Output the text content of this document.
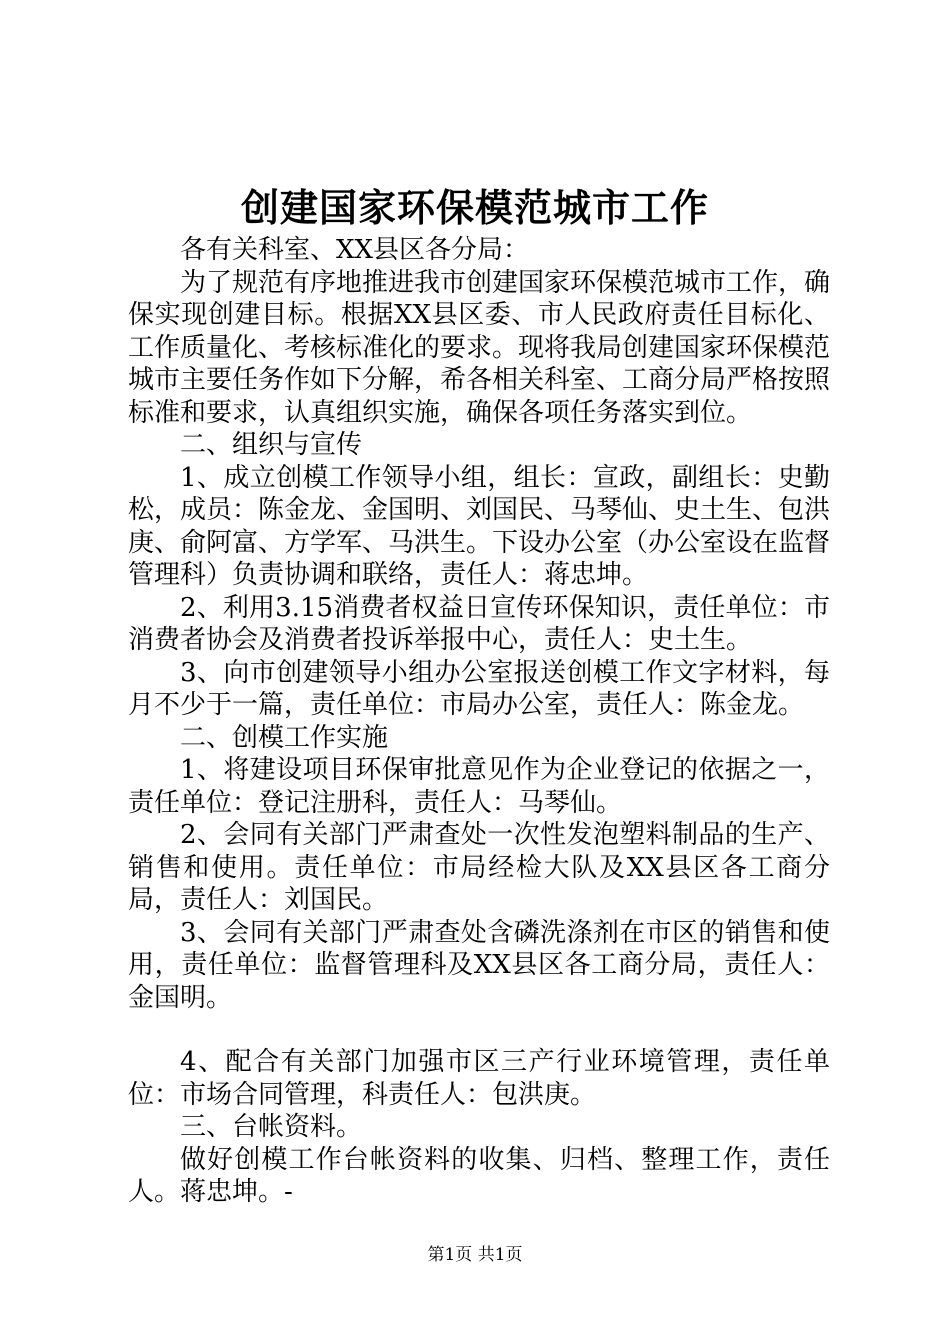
创建国家环保模范城市工作

各有关科室、XX县区各分局：

为了规范有序地推进我市创建国家环保模范城市工作，确保实现创建目标。根据XX县区委、市人民政府责任目标化、工作质量化、考核标准化的要求。现将我局创建国家环保模范城市主要任务作如下分解，希各相关科室、工商分局严格按照标准和要求，认真组织实施，确保各项任务落实到位。

二、组织与宣传

1、成立创模工作领导小组，组长：宣政，副组长：史勤松，成员：陈金龙、金国明、刘国民、马琴仙、史土生、包洪庚、俞阿富、方学军、马洪生。下设办公室（办公室设在监督管理科）负责协调和联络，责任人：蒋忠坤。

2、利用3.15消费者权益日宣传环保知识，责任单位：市消费者协会及消费者投诉举报中心，责任人：史土生。

3、向市创建领导小组办公室报送创模工作文字材料，每月不少于一篇，责任单位：市局办公室，责任人：陈金龙。

二、创模工作实施

1、将建设项目环保审批意见作为企业登记的依据之一，责任单位：登记注册科，责任人：马琴仙。

2、会同有关部门严肃查处一次性发泡塑料制品的生产、销售和使用。责任单位：市局经检大队及XX县区各工商分局，责任人：刘国民。

3、会同有关部门严肃查处含磷洗涤剂在市区的销售和使用，责任单位：监督管理科及XX县区各工商分局，责任人：金国明。

4、配合有关部门加强市区三产行业环境管理，责任单位：市场合同管理，科责任人：包洪庚。

三、台帐资料。

做好创模工作台帐资料的收集、归档、整理工作，责任人。蒋忠坤。-

第1页 共1页
